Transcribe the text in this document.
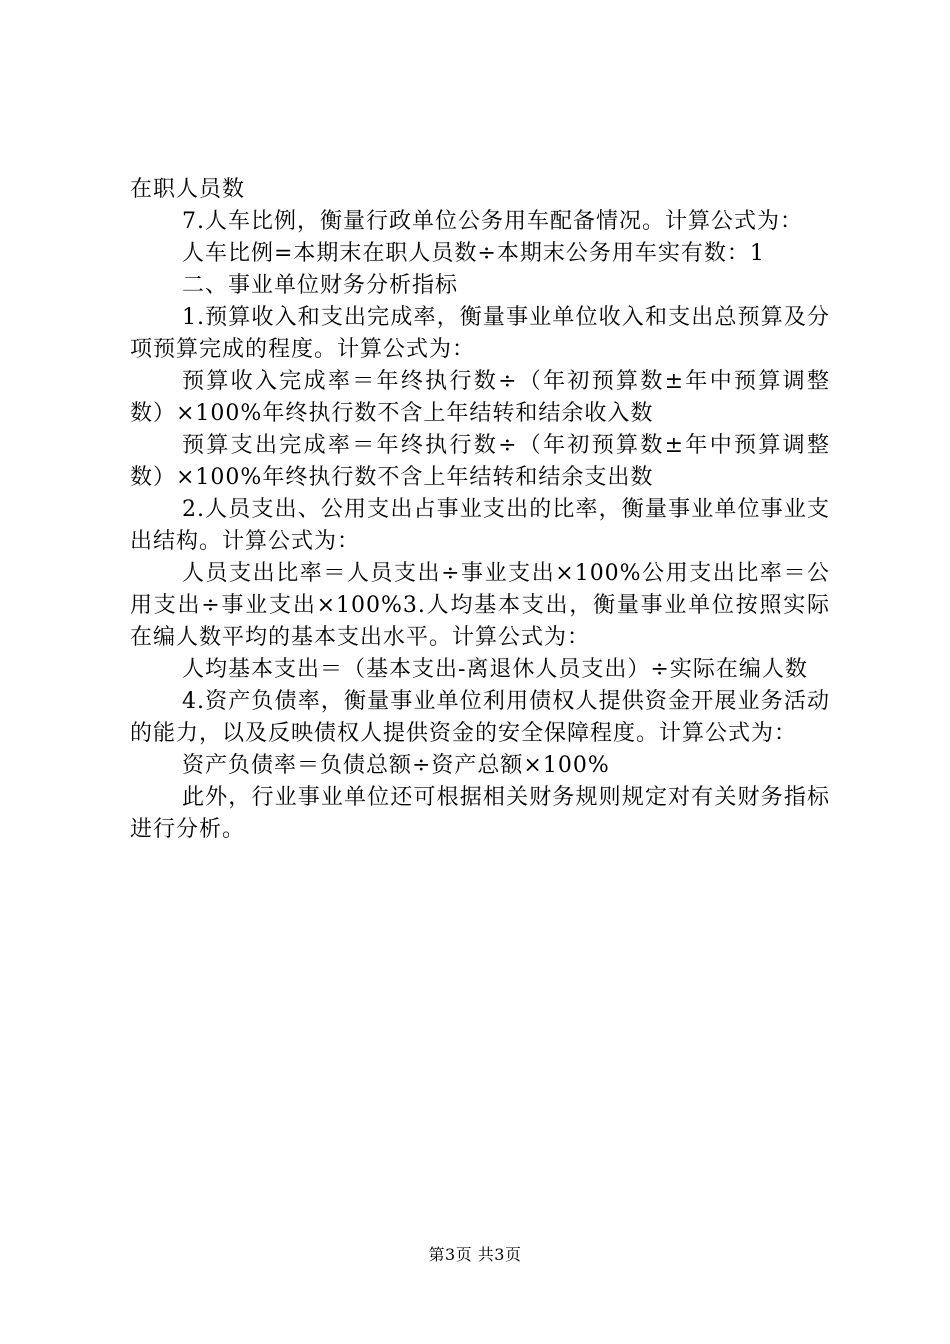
在职人员数

7.人车比例，衡量行政单位公务用车配备情况。计算公式为：

人车比例=本期末在职人员数÷本期末公务用车实有数：1

二、事业单位财务分析指标

1.预算收入和支出完成率，衡量事业单位收入和支出总预算及分项预算完成的程度。计算公式为：

预算收入完成率＝年终执行数÷（年初预算数±年中预算调整数）×100%年终执行数不含上年结转和结余收入数

预算支出完成率＝年终执行数÷（年初预算数±年中预算调整数）×100%年终执行数不含上年结转和结余支出数

2.人员支出、公用支出占事业支出的比率，衡量事业单位事业支出结构。计算公式为：

人员支出比率＝人员支出÷事业支出×100%公用支出比率＝公用支出÷事业支出×100%3.人均基本支出，衡量事业单位按照实际在编人数平均的基本支出水平。计算公式为：

人均基本支出＝（基本支出-离退休人员支出）÷实际在编人数

4.资产负债率，衡量事业单位利用债权人提供资金开展业务活动的能力，以及反映债权人提供资金的安全保障程度。计算公式为：

资产负债率＝负债总额÷资产总额×100%

此外，行业事业单位还可根据相关财务规则规定对有关财务指标进行分析。

第3页 共3页
